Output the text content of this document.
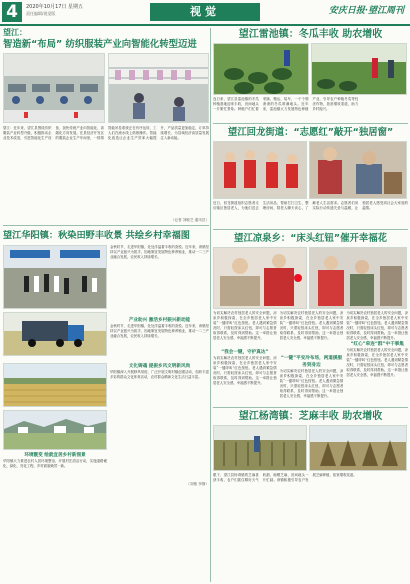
4	2020年10月17日 星期五
责任编辑/视觉版	视觉	安庆日报·望江周刊
望江：
智造新“布局” 纺织服装产业向智能化转型迈进
望江：近年来，望江县围绕纺织服装产业转型升级，积极推动企业技术改造，引进智能化生产设备，加快传统产业向智能化、高端化方向发展。在县经济开发区的服装企业生产车间里，一排排智能吊挂系统正在有序运转，工人们在流水线上熟练操作。智能化改造让企业生产效率大幅提升，产品质量更加稳定，订单持续增长，为县域经济高质量发展注入新动能。
（记者 刘敏芝 通讯员）
望江华阳镇：秋染田野丰收景 共绘乡村幸福图
金秋时节，走进华阳镇，处处洋溢着丰收的喜悦。近年来，该镇坚持以产业振兴为抓手，因地制宜发展特色种养殖业，推动一二三产业融合发展，农民收入持续增长。
产业助兴 激活乡村振兴新动能
金秋时节，走进华阳镇，处处洋溢着丰收的喜悦。近年来，该镇坚持以产业振兴为抓手，因地制宜发展特色种养殖业，推动一二三产业融合发展，农民收入持续增长。
环境靓变 绘就宜居乡村新图景
华阳镇大力推进农村人居环境整治，开展村庄清洁行动，实施道路硬化、绿化、亮化工程，乡村面貌焕然一新。
文化铸魂 提振乡风文明新风尚
华阳镇深入开展移风易俗，广泛开展文明村镇创建活动，组织丰富多彩的群众文化体育活动，农村群众精神文化生活日益丰富。
（刘敏 李静）
望江雷池镇：冬瓜丰收 助农增收
连日来，望江县雷池镇的冬瓜种植基地迎来丰收，田间地头一片繁忙景象。种植户们忙着采摘、搬运、装车，一个个圆滚滚的冬瓜堆满地头。近年来，雷池镇大力发展特色种植产业，引导农户种植冬瓜等经济作物，拓宽增收渠道，助力乡村振兴。
望江回龙街道：“志愿红”敲开“独居窗”
近日，回龙街道组织志愿者走访辖区独居老人，为他们送去生活用品，帮助打扫卫生、整理房间，陪老人聊天谈心，了解老人生活需求。志愿者们用实际行动传递关爱与温暖，让独居老人感受到社会大家庭的温情。
望江凉泉乡：“床头红钮”催开幸福花
为切实解决农村独居老人的安全问题，凉泉乡积极探索，在全乡独居老人家中安装“一键呼叫”红色按钮。老人遇到紧急情况时，只需轻按床头红钮，即可与志愿者取得联系，及时得到帮助。这一举措让独居老人安全感、幸福感不断提升。
“我会一键，守护真达”
为切实解决农村独居老人的安全问题，凉泉乡积极探索，在全乡独居老人家中安装“一键呼叫”红色按钮。老人遇到紧急情况时，只需轻按床头红钮，即可与志愿者取得联系，及时得到帮助。这一举措让独居老人安全感、幸福感不断提升。
为切实解决农村独居老人的安全问题，凉泉乡积极探索，在全乡独居老人家中安装“一键呼叫”红色按钮。老人遇到紧急情况时，只需轻按床头红钮，即可与志愿者取得联系，及时得到帮助。这一举措让独居老人安全感、幸福感不断提升。
“一键”平安冷布场，两道援服务到身边
为切实解决农村独居老人的安全问题，凉泉乡积极探索，在全乡独居老人家中安装“一键呼叫”红色按钮。老人遇到紧急情况时，只需轻按床头红钮，即可与志愿者取得联系，及时得到帮助。这一举措让独居老人安全感、幸福感不断提升。
为切实解决农村独居老人的安全问题，凉泉乡积极探索，在全乡独居老人家中安装“一键呼叫”红色按钮。老人遇到紧急情况时，只需轻按床头红钮，即可与志愿者取得联系，及时得到帮助。这一举措让独居老人安全感、幸福感不断提升。
“红心”牵连“群”中干事集
为切实解决农村独居老人的安全问题，凉泉乡积极探索，在全乡独居老人家中安装“一键呼叫”红色按钮。老人遇到紧急情况时，只需轻按床头红钮，即可与志愿者取得联系，及时得到帮助。这一举措让独居老人安全感、幸福感不断提升。
望江杨湾镇：芝麻丰收 助农增收
眼下，望江县杨湾镇的芝麻喜获丰收，农户们抓住晴好天气收割、晾晒芝麻，田间地头一片忙碌。该镇积极引导农户发展芝麻种植，拓宽增收渠道。
